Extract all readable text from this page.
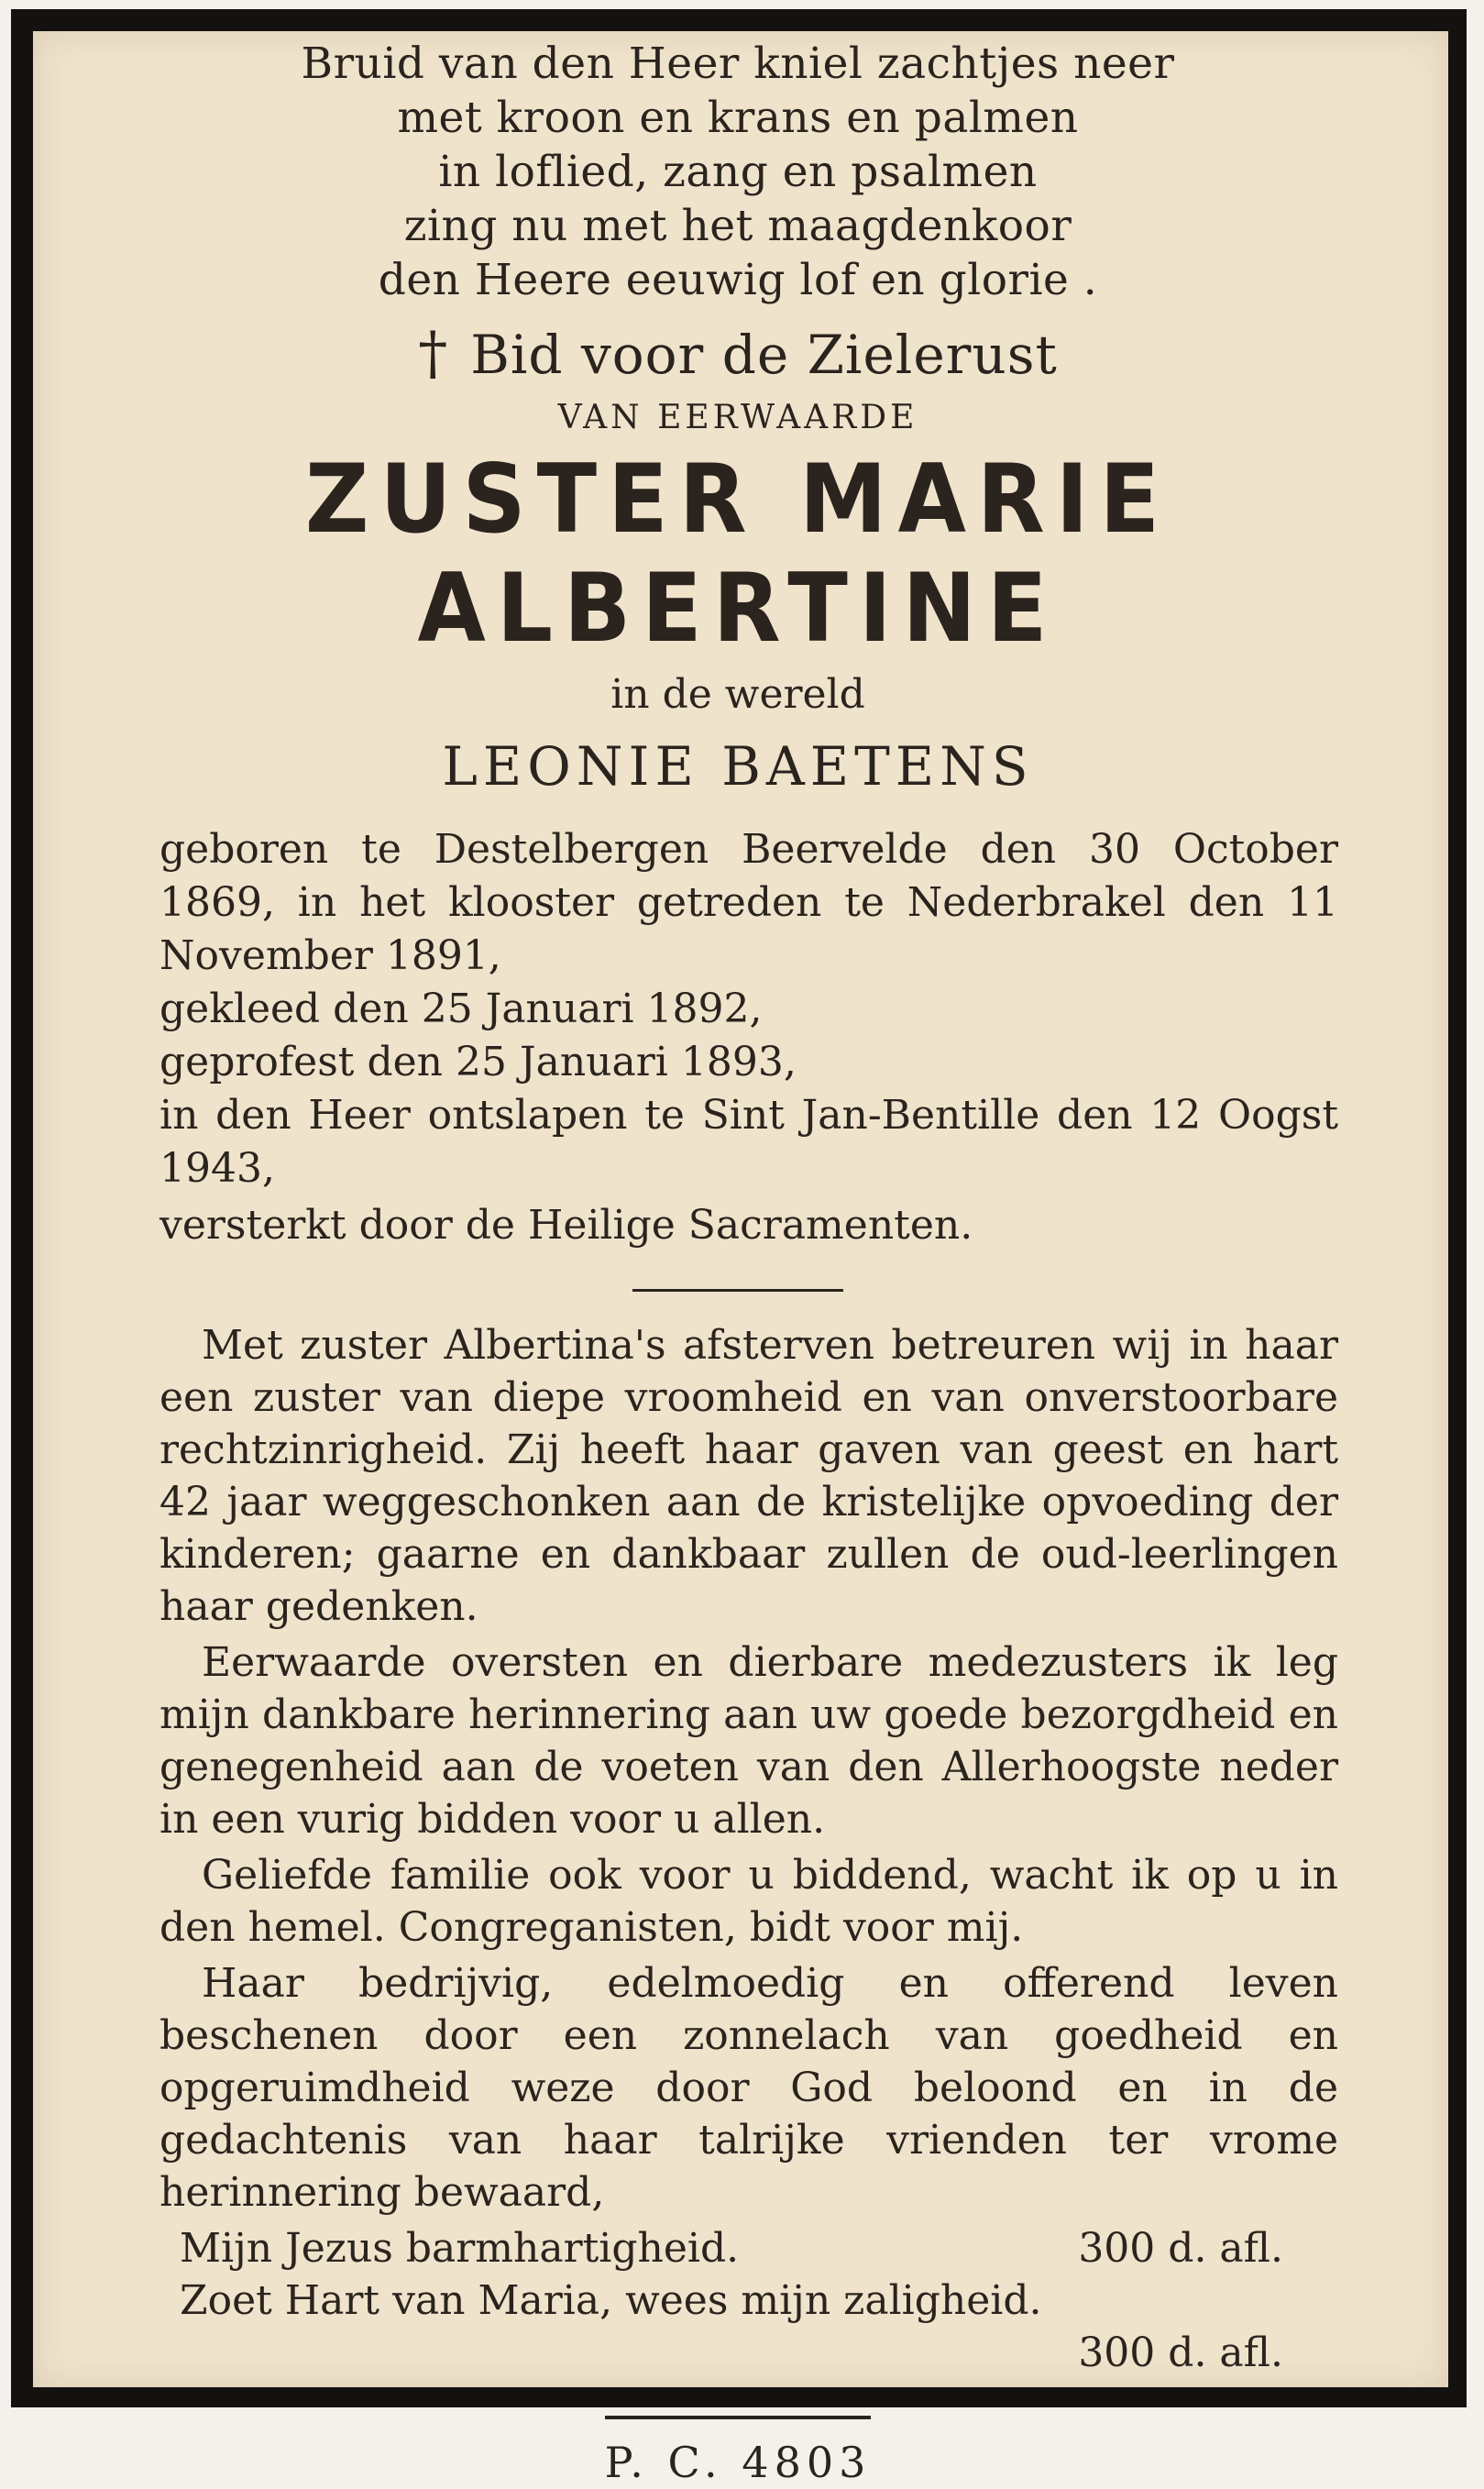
Bruid van den Heer kniel zachtjes neer
met kroon en krans en palmen
in loflied, zang en psalmen
zing nu met het maagdenkoor
den Heere eeuwig lof en glorie .
† Bid voor de Zielerust
VAN EERWAARDE
ZUSTER MARIE ALBERTINE
in de wereld
LEONIE BAETENS
geboren te Destelbergen Beervelde den 30 October 1869, in het klooster getreden te Nederbrakel den 11 November 1891,
gekleed den 25 Januari 1892,
geprofest den 25 Januari 1893,
in den Heer ontslapen te Sint Jan-Bentille den 12 Oogst 1943,
versterkt door de Heilige Sacramenten.
Met zuster Albertina's afsterven betreuren wij in haar een zuster van diepe vroomheid en van onverstoorbare rechtzinrigheid. Zij heeft haar gaven van geest en hart 42 jaar weggeschonken aan de kristelijke opvoeding der kinderen; gaarne en dankbaar zullen de oud-leerlingen haar gedenken.
Eerwaarde oversten en dierbare medezusters ik leg mijn dankbare herinnering aan uw goede bezorgdheid en genegenheid aan de voeten van den Allerhoogste neder in een vurig bidden voor u allen.
Geliefde familie ook voor u biddend, wacht ik op u in den hemel. Congreganisten, bidt voor mij.
Haar bedrijvig, edelmoedig en offerend leven beschenen door een zonnelach van goedheid en opgeruimdheid weze door God beloond en in de gedachtenis van haar talrijke vrienden ter vrome herinnering bewaard,
Mijn Jezus barmhartigheid.	300 d. afl.
Zoet Hart van Maria, wees mijn zaligheid.
300 d. afl.
P. C. 4803
